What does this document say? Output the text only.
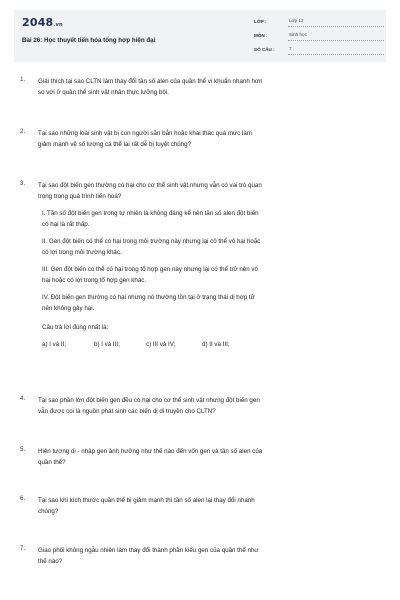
2048.vn
Bài 26: Học thuyết tiến hóa tổng hợp hiện đại
LỚP :	Lớp 12
MÔN :	Sinh học
SỐ CÂU :	7
1. Giải thích tại sao CLTN làm thay đổi tần số alen của quần thể vi khuẩn nhanh hơn
so với ở quần thể sinh vật nhân thực lưỡng bội.
2. Tại sao những loài sinh vật bị con người săn bắn hoặc khai thác quá mức làm
giảm mạnh về số lượng cá thể lại rất dễ bị tuyệt chủng?
3. Tại sao đột biến gen thường có hại cho cơ thể sinh vật nhưng vẫn có vai trò quan
trọng trong quá trình tiến hoá?
I. Tần số đột biến gen trong tự nhiên là không đáng kể nên tần số alen đột biến
có hại là rất thấp.
II. Gen đột biến có thể có hại trong môi trường này nhưng lại có thể vô hại hoặc
có lợi trong môi trường khác.
III. Gen đột biến có thể có hại trong tổ hợp gen này nhưng lại có thể trở nên vô
hại hoặc có lợi trong tổ hợp gen khác.
IV. Đột biến gen thường có hại nhưng nó thường tồn tại ở trạng thái dị hợp tử
nên không gây hại.
Câu trả lời đúng nhất là:
a) I và II;	b) I và III;	c) III và IV;	d) II và III;
4. Tại sao phần lớn đột biến gen đều có hại cho cơ thể sinh vật nhưng đột biến gen
vẫn được coi là nguồn phát sinh các biến dị di truyền cho CLTN?
5. Hiện tượng di - nhập gen ảnh hưởng như thế nào đến vốn gen và tần số alen của
quần thể?
6. Tại sao khi kích thước quần thể bị giảm mạnh thì tần số alen lại thay đổi nhanh
chóng?
7. Giao phối không ngẫu nhiên làm thay đổi thành phần kiểu gen của quần thể như
thế nào?
